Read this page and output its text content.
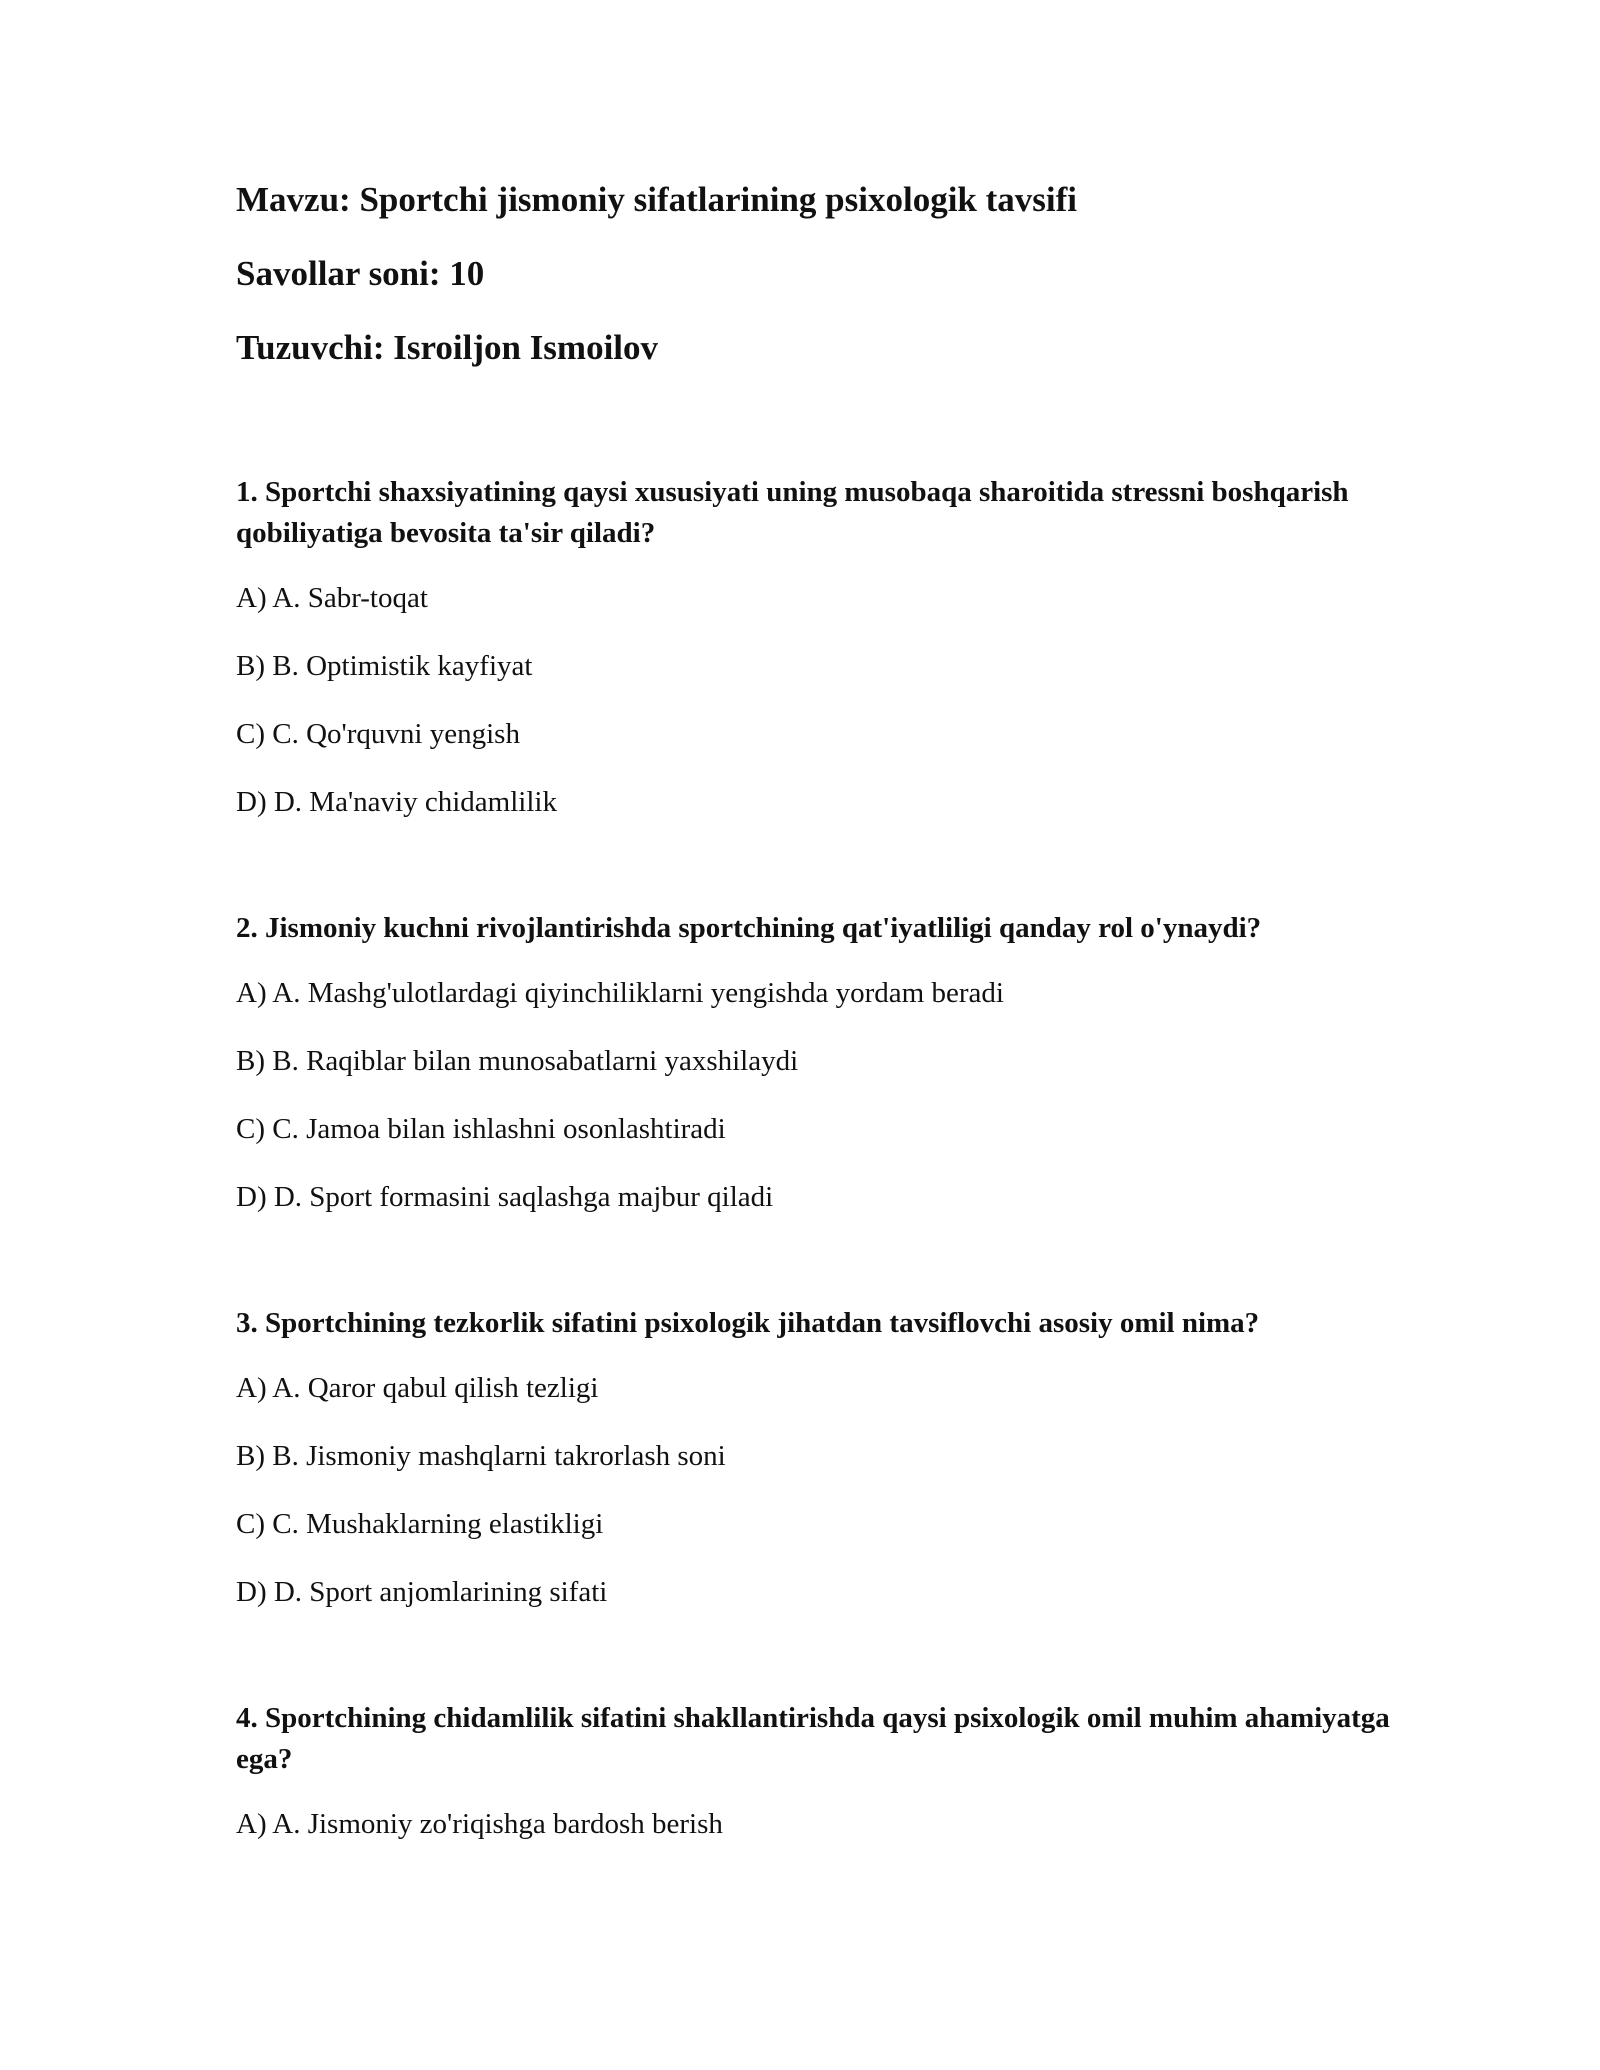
Mavzu: Sportchi jismoniy sifatlarining psixologik tavsifi
Savollar soni: 10
Tuzuvchi: Isroiljon Ismoilov
1. Sportchi shaxsiyatining qaysi xususiyati uning musobaqa sharoitida stressni boshqarish qobiliyatiga bevosita ta'sir qiladi?
A) A. Sabr-toqat
B) B. Optimistik kayfiyat
C) C. Qo'rquvni yengish
D) D. Ma'naviy chidamlilik
2. Jismoniy kuchni rivojlantirishda sportchining qat'iyatliligi qanday rol o'ynaydi?
A) A. Mashg'ulotlardagi qiyinchiliklarni yengishda yordam beradi
B) B. Raqiblar bilan munosabatlarni yaxshilaydi
C) C. Jamoa bilan ishlashni osonlashtiradi
D) D. Sport formasini saqlashga majbur qiladi
3. Sportchining tezkorlik sifatini psixologik jihatdan tavsiflovchi asosiy omil nima?
A) A. Qaror qabul qilish tezligi
B) B. Jismoniy mashqlarni takrorlash soni
C) C. Mushaklarning elastikligi
D) D. Sport anjomlarining sifati
4. Sportchining chidamlilik sifatini shakllantirishda qaysi psixologik omil muhim ahamiyatga ega?
A) A. Jismoniy zo'riqishga bardosh berish
